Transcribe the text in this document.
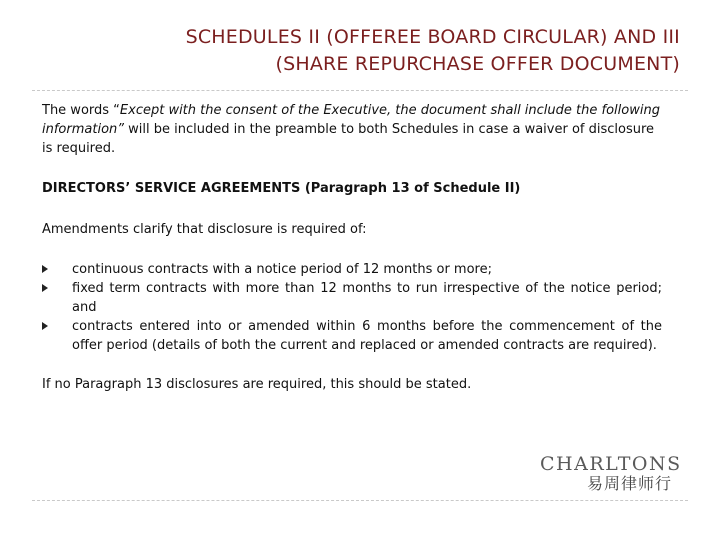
SCHEDULES II (OFFEREE BOARD CIRCULAR) AND III
(SHARE REPURCHASE OFFER DOCUMENT)

The words “Except with the consent of the Executive, the document shall include the following information” will be included in the preamble to both Schedules in case a waiver of disclosure is required.

DIRECTORS’ SERVICE AGREEMENTS (Paragraph 13 of Schedule II)

Amendments clarify that disclosure is required of:

continuous contracts with a notice period of 12 months or more;
fixed term contracts with more than 12 months to run irrespective of the notice period; and
contracts entered into or amended within 6 months before the commencement of the offer period (details of both the current and replaced or amended contracts are required).

If no Paragraph 13 disclosures are required, this should be stated.

CHARLTONS
易周律师行
